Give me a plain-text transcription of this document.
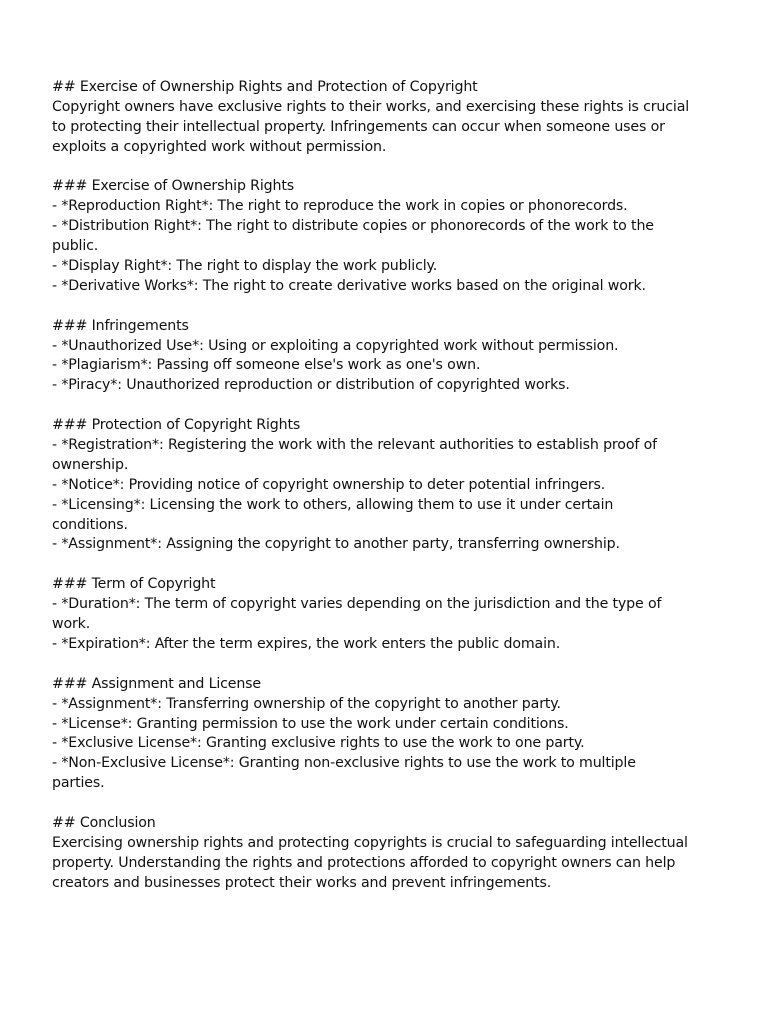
## Exercise of Ownership Rights and Protection of Copyright
Copyright owners have exclusive rights to their works, and exercising these rights is crucial
to protecting their intellectual property. Infringements can occur when someone uses or
exploits a copyrighted work without permission.
### Exercise of Ownership Rights
- *Reproduction Right*: The right to reproduce the work in copies or phonorecords.
- *Distribution Right*: The right to distribute copies or phonorecords of the work to the
public.
- *Display Right*: The right to display the work publicly.
- *Derivative Works*: The right to create derivative works based on the original work.
### Infringements
- *Unauthorized Use*: Using or exploiting a copyrighted work without permission.
- *Plagiarism*: Passing off someone else's work as one's own.
- *Piracy*: Unauthorized reproduction or distribution of copyrighted works.
### Protection of Copyright Rights
- *Registration*: Registering the work with the relevant authorities to establish proof of
ownership.
- *Notice*: Providing notice of copyright ownership to deter potential infringers.
- *Licensing*: Licensing the work to others, allowing them to use it under certain
conditions.
- *Assignment*: Assigning the copyright to another party, transferring ownership.
### Term of Copyright
- *Duration*: The term of copyright varies depending on the jurisdiction and the type of
work.
- *Expiration*: After the term expires, the work enters the public domain.
### Assignment and License
- *Assignment*: Transferring ownership of the copyright to another party.
- *License*: Granting permission to use the work under certain conditions.
- *Exclusive License*: Granting exclusive rights to use the work to one party.
- *Non-Exclusive License*: Granting non-exclusive rights to use the work to multiple
parties.
## Conclusion
Exercising ownership rights and protecting copyrights is crucial to safeguarding intellectual
property. Understanding the rights and protections afforded to copyright owners can help
creators and businesses protect their works and prevent infringements.
